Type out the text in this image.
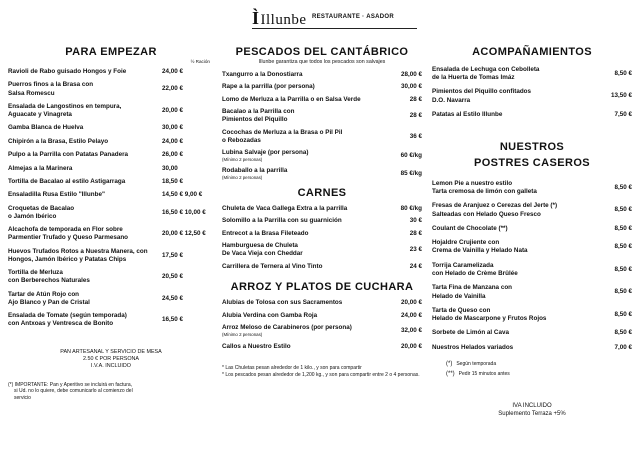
ÌIllunbe RESTAURANTE · ASADOR
PARA EMPEZAR
½ Ración
Ravioli de Rabo guisado Hongos y Foie	24,00 €
Puerros finos a la Brasa con
Salsa Romescu
22,00 €
Ensalada de Langostinos en tempura,
Aguacate y Vinagreta
20,00 €
Gamba Blanca de Huelva	30,00 €
Chipirón a la Brasa, Estilo Pelayo	24,00 €
Pulpo a la Parrilla con Patatas Panadera	26,00 €
Almejas a la Marinera	30,00
Tortilla de Bacalao al estilo Astigarraga	18,50 €
Ensaladilla Rusa Estilo "Illunbe"	14,50 € 9,00 €
Croquetas de Bacalao
o Jamón Ibérico
16,50 € 10,00 €
Alcachofa de temporada en Flor sobre
Parmentier Trufado y Queso Parmesano
20,00 € 12,50 €
Huevos Trufados Rotos a Nuestra Manera, con
Hongos, Jamón Ibérico y Patatas Chips
17,50 €
Tortilla de Merluza
con Berberechos Naturales
20,50 €
Tartar de Atún Rojo con
Ajo Blanco y Pan de Cristal
24,50 €
Ensalada de Tomate (según temporada)
con Antxoas y Ventresca de Bonito
16,50 €
PAN ARTESANAL Y SERVICIO DE MESA
2.50 € POR PERSONA
I.V.A. INCLUIDO
(*) IMPORTANTE: Pan y Aperitivo se incluirá en factura,
si Ud. no lo quiere, debe comunicarlo al comienzo del
servicio
PESCADOS DEL CANTÁBRICO
Illunbe garantiza que todos los pescados son salvajes
Txangurro a la Donostiarra	28,00 €
Rape a la parrilla (por persona)	30,00 €
Lomo de Merluza a la Parrilla o en Salsa Verde	28 €
Bacalao a la Parrilla con
Pimientos del Piquillo
28 €
Cocochas de Merluza a la Brasa o Pil Pil
o Rebozadas
36 €
Lubina Salvaje (por persona)
(Mínimo 2 personas)
60 €/kg
Rodaballo a la parrilla
(Mínimo 2 personas)
85 €/kg
CARNES
Chuleta de Vaca Gallega Extra a la parrilla	80 €/kg
Solomillo a la Parrilla con su guarnición	30 €
Entrecot a la Brasa Fileteado	28 €
Hamburguesa de Chuleta
De Vaca Vieja con Cheddar
23 €
Carrillera de Ternera al Vino Tinto	24 €
ARROZ Y PLATOS DE CUCHARA
Alubias de Tolosa con sus Sacramentos	20,00 €
Alubia Verdina con Gamba Roja	24,00 €
Arroz Meloso de Carabineros (por persona)
(Mínimo 2 personas)
32,00 €
Callos a Nuestro Estilo	20,00 €
* Las Chuletas pesan alrededor de 1 kilo., y son para compartir
* Los pescados pesan alrededor de 1,200 kg., y son para compartir entre 2 o 4 personas.
ACOMPAÑAMIENTOS
Ensalada de Lechuga con Cebolleta
de la Huerta de Tomas Imáz
8,50 €
Pimientos del Piquillo confitados
D.O. Navarra
13,50 €
Patatas al Estilo Illunbe	7,50 €
NUESTROS
POSTRES CASEROS
Lemon Pie a nuestro estilo
Tarta cremosa de limón con galleta
8,50 €
Fresas de Aranjuez o Cerezas del Jerte (*)
Salteadas con Helado Queso Fresco
8,50 €
Coulant de Chocolate (**)	8,50 €
Hojaldre Crujiente con
Crema de Vainilla y Helado Nata
8,50 €
Torrija Caramelizada
con Helado de Crème Brûlée
8,50 €
Tarta Fina de Manzana con
Helado de Vainilla
8,50 €
Tarta de Queso con
Helado de Mascarpone y Frutos Rojos
8,50 €
Sorbete de Limón al Cava	8,50 €
Nuestros Helados variados	7,00 €
(*) Según temporada
(**) Pedir 15 minutos antes
IVA INCLUIDO
Suplemento Terraza +5%
